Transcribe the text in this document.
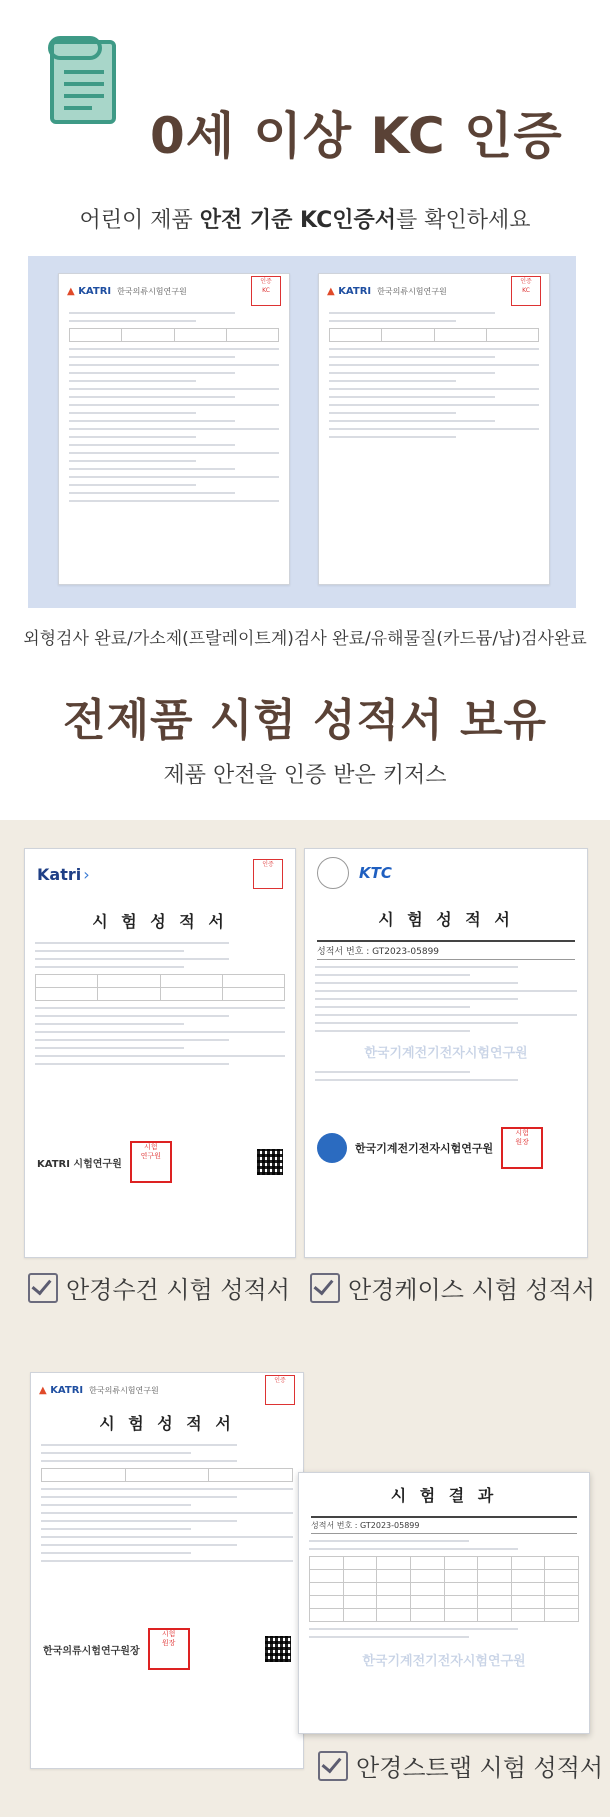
0세 이상 KC 인증
어린이 제품 안전 기준 KC인증서를 확인하세요
▲ KATRI 한국의류시험연구원
인증
KC
				▲ KATRI 한국의류시험연구원
인증
KC

외형검사 완료/가소제(프랄레이트계)검사 완료/유해물질(카드뮴/납)검사완료
전제품 시험 성적서 보유
제품 안전을 인증 받은 키저스
Katri ›	인증
시 험 성 적 서

KATRI 시험연구원
시험
연구원
KTC
시 험 성 적 서
성적서 번호 : GT2023-05899
한국기계전기전자시험연구원
한국기계전기전자시험연구원
시험
원장
안경수건 시험 성적서 안경케이스 시험 성적서
▲ KATRI 한국의류시험연구원
인증
시 험 성 적 서

한국의류시험연구원장
시험
원장
시 험 결 과
성적서 번호 : GT2023-05899

한국기계전기전자시험연구원
안경스트랩 시험 성적서
